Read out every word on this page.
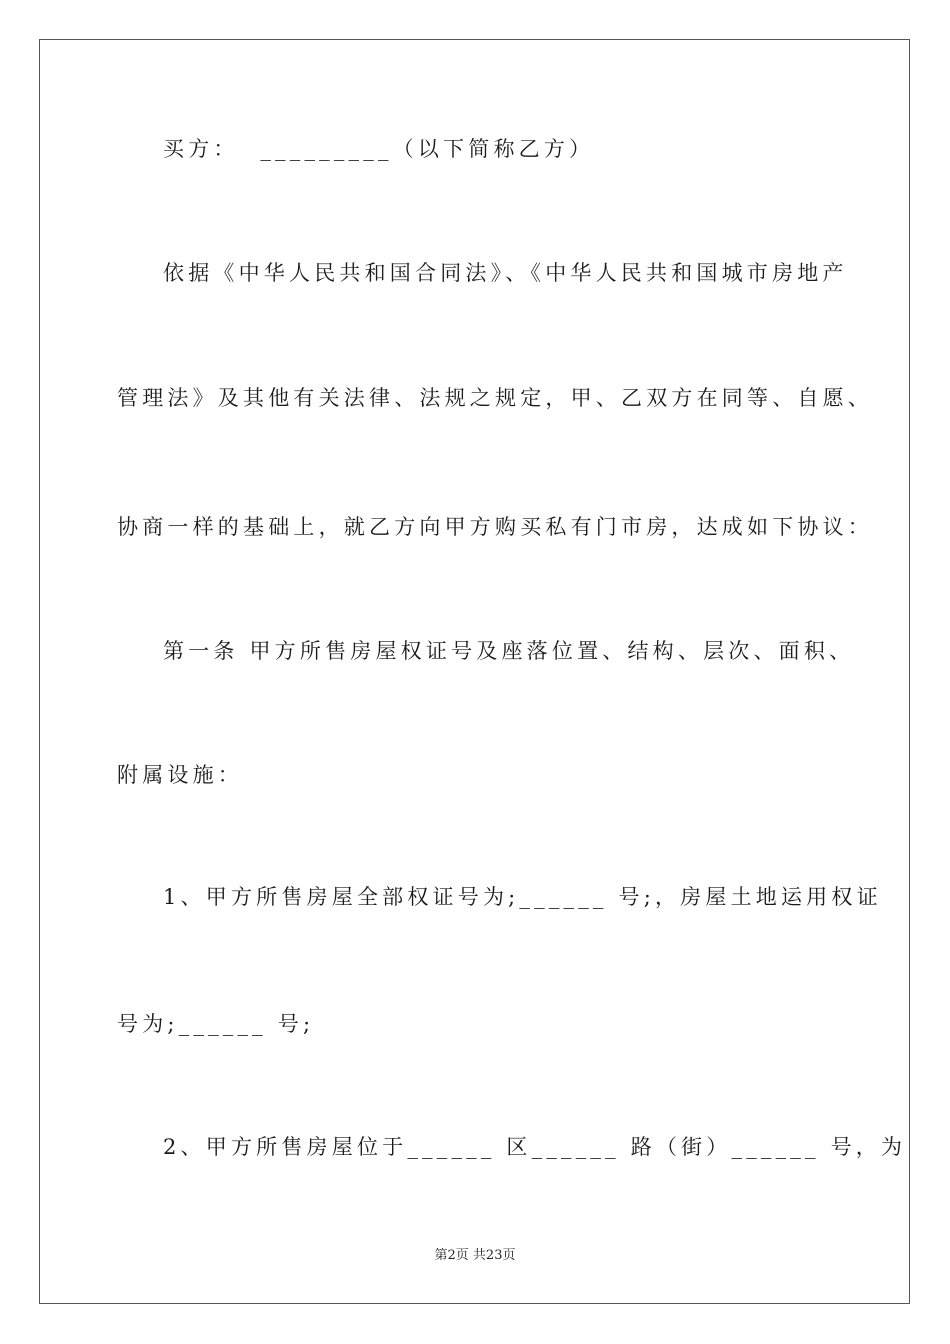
买方：  _________（以下简称乙方）
依据《中华人民共和国合同法》、《中华人民共和国城市房地产
管理法》及其他有关法律、法规之规定，甲、乙双方在同等、自愿、
协商一样的基础上，就乙方向甲方购买私有门市房，达成如下协议：
第一条 甲方所售房屋权证号及座落位置、结构、层次、面积、
附属设施：
1、甲方所售房屋全部权证号为;______ 号;，房屋土地运用权证
号为;______ 号;
2、甲方所售房屋位于______ 区______ 路（街）______ 号，为
第2页 共23页
